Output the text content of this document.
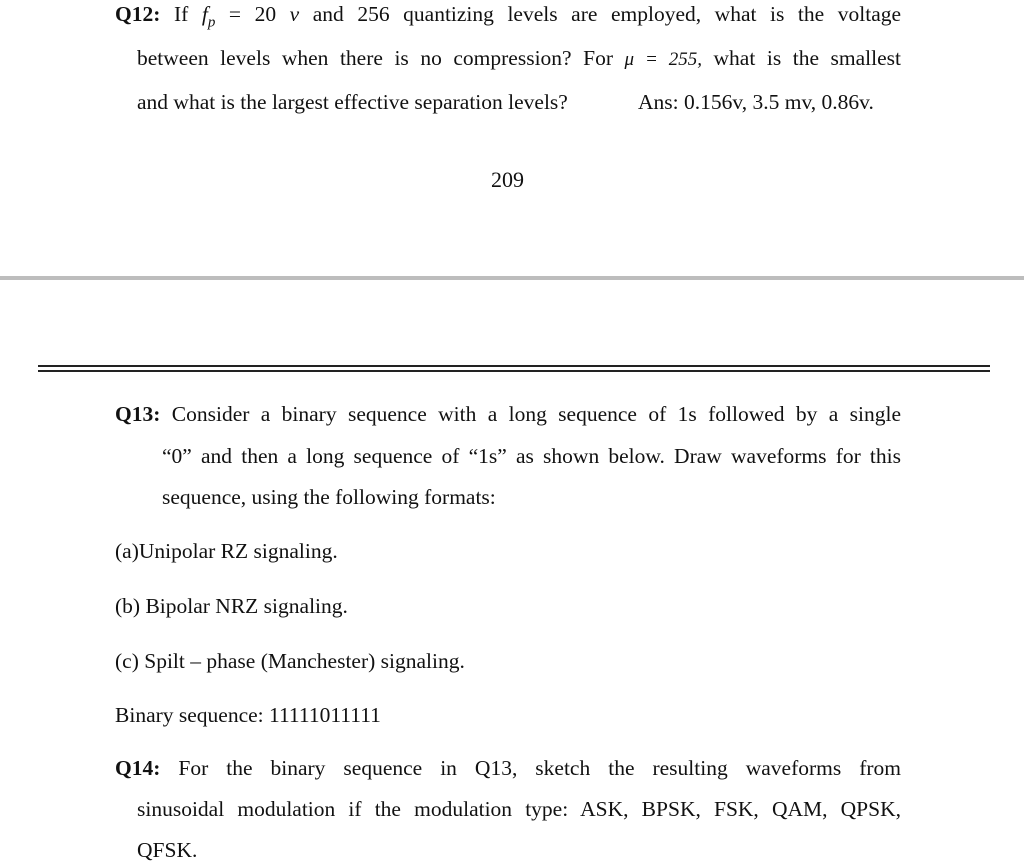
Q12: If $f_p = 20$ v and 256 quantizing levels are employed, what is the voltage
between levels when there is no compression? For μ = 255, what is the smallest
and what is the largest effective separation levels?	Ans: 0.156v, 3.5 mv, 0.86v.
209
Q13: Consider a binary sequence with a long sequence of 1s followed by a single
“0” and then a long sequence of “1s” as shown below. Draw waveforms for this
sequence, using the following formats:
(a)Unipolar RZ signaling.
(b) Bipolar NRZ signaling.
(c) Spilt – phase (Manchester) signaling.
Binary sequence: 11111011111
Q14: For the binary sequence in Q13, sketch the resulting waveforms from
sinusoidal modulation if the modulation type: ASK, BPSK, FSK, QAM, QPSK,
QFSK.
